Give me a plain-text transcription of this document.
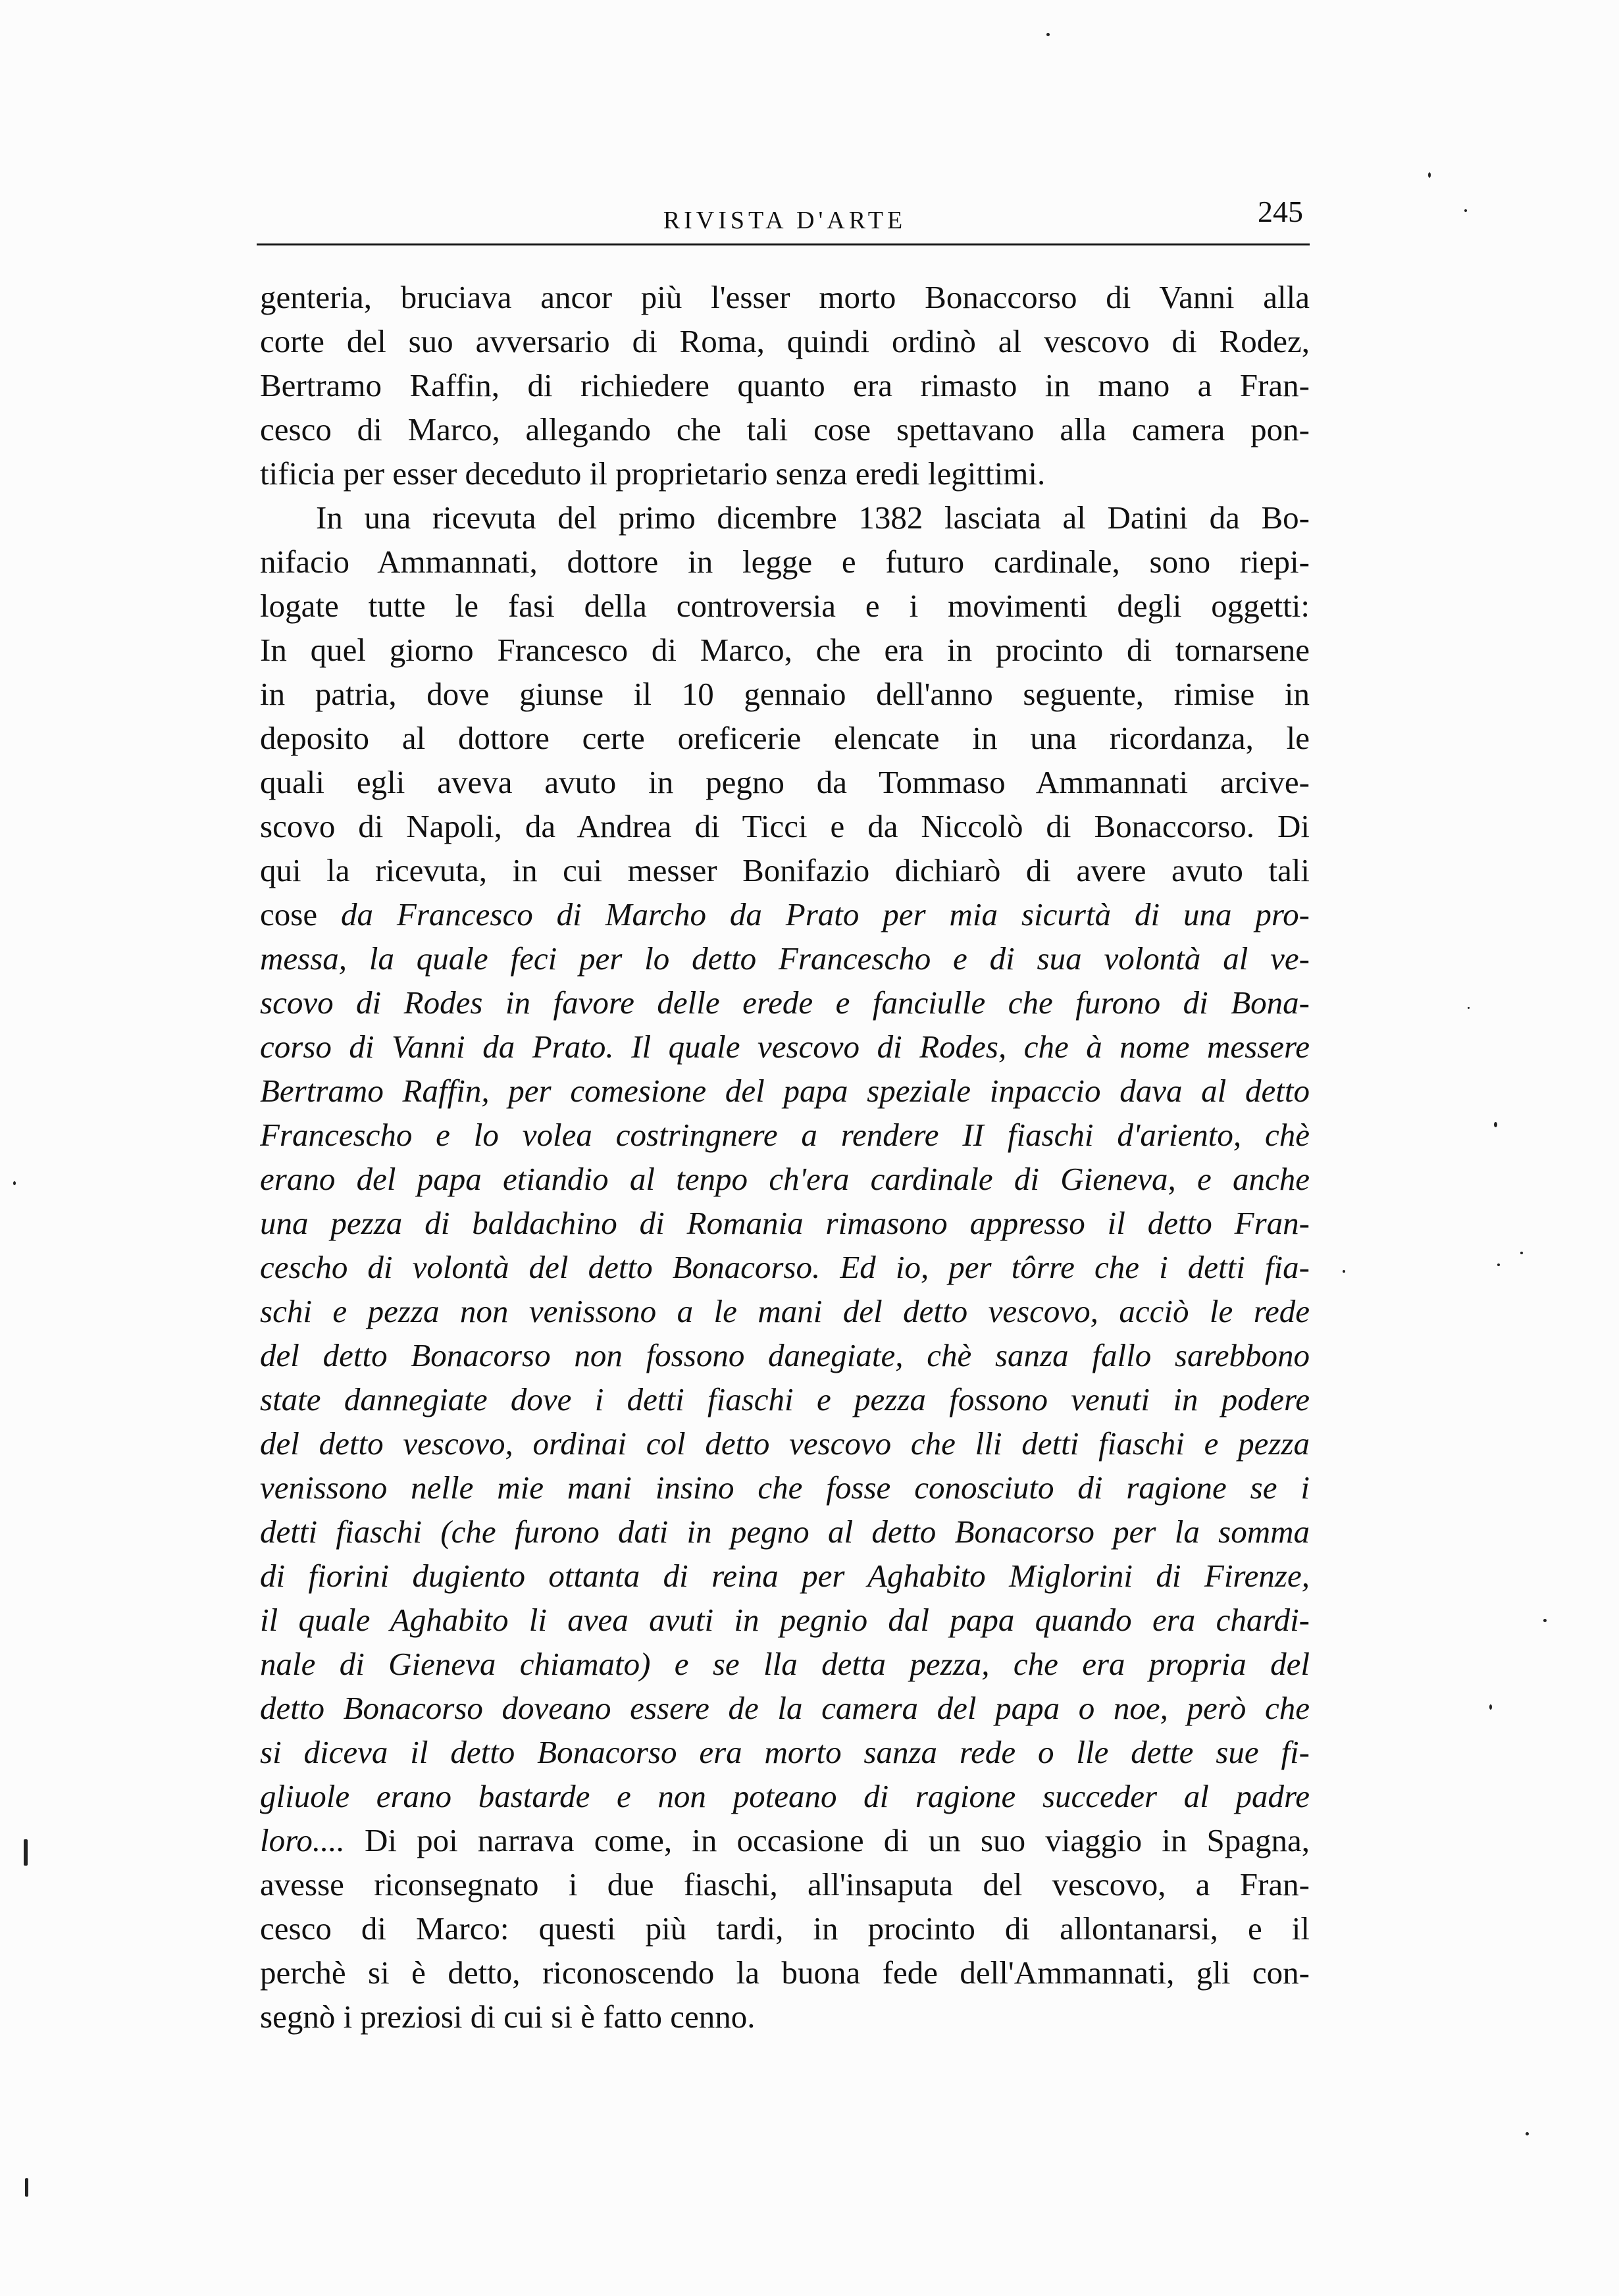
RIVISTA D'ARTE	245
genteria, bruciava ancor più l'esser morto Bonaccorso di Vanni alla
corte del suo avversario di Roma, quindi ordinò al vescovo di Rodez,
Bertramo Raffin, di richiedere quanto era rimasto in mano a Fran-
cesco di Marco, allegando che tali cose spettavano alla camera pon-
tificia per esser deceduto il proprietario senza eredi legittimi.
In una ricevuta del primo dicembre 1382 lasciata al Datini da Bo-
nifacio Ammannati, dottore in legge e futuro cardinale, sono riepi-
logate tutte le fasi della controversia e i movimenti degli oggetti:
In quel giorno Francesco di Marco, che era in procinto di tornarsene
in patria, dove giunse il 10 gennaio dell'anno seguente, rimise in
deposito al dottore certe oreficerie elencate in una ricordanza, le
quali egli aveva avuto in pegno da Tommaso Ammannati arcive-
scovo di Napoli, da Andrea di Ticci e da Niccolò di Bonaccorso. Di
qui la ricevuta, in cui messer Bonifazio dichiarò di avere avuto tali
cose da Francesco di Marcho da Prato per mia sicurtà di una pro-
messa, la quale feci per lo detto Franceschо e di sua volontà al ve-
scovo di Rodes in favore delle erede e fanciulle che furono di Bona-
corso di Vanni da Prato. Il quale vescovo di Rodes, che à nome messere
Bertramo Raffin, per comesione del papa speziale inpaccio dava al detto
Francescho e lo volea costringnere a rendere II fiaschi d'ariento, chè
erano del papa etiandio al tenpo ch'era cardinale di Gieneva, e anche
una pezza di baldachino di Romania rimasono appresso il detto Fran-
cescho di volontà del detto Bonacorso. Ed io, per tôrre che i detti fia-
schi e pezza non venissono a le mani del detto vescovo, acciò le rede
del detto Bonacorso non fossono danegiate, chè sanza fallo sarebbono
state dannegiate dove i detti fiaschi e pezza fossono venuti in podere
del detto vescovo, ordinai col detto vescovo che lli detti fiaschi e pezza
venissono nelle mie mani insino che fosse conosciuto di ragione se i
detti fiaschi (che furono dati in pegno al detto Bonacorso per la somma
di fiorini dugiento ottanta di reina per Aghabito Miglorini di Firenze,
il quale Aghabito li avea avuti in pegnio dal papa quando era chardi-
nale di Gieneva chiamato) e se lla detta pezza, che era propria del
detto Bonacorso doveano essere de la camera del papa o noe, però che
si diceva il detto Bonacorso era morto sanza rede o lle dette sue fi-
gliuole erano bastarde e non poteano di ragione succeder al padre
loro.... Di poi narrava come, in occasione di un suo viaggio in Spagna,
avesse riconsegnato i due fiaschi, all'insaputa del vescovo, a Fran-
cesco di Marco: questi più tardi, in procinto di allontanarsi, e il
perchè si è detto, riconoscendo la buona fede dell'Ammannati, gli con-
segnò i preziosi di cui si è fatto cenno.
